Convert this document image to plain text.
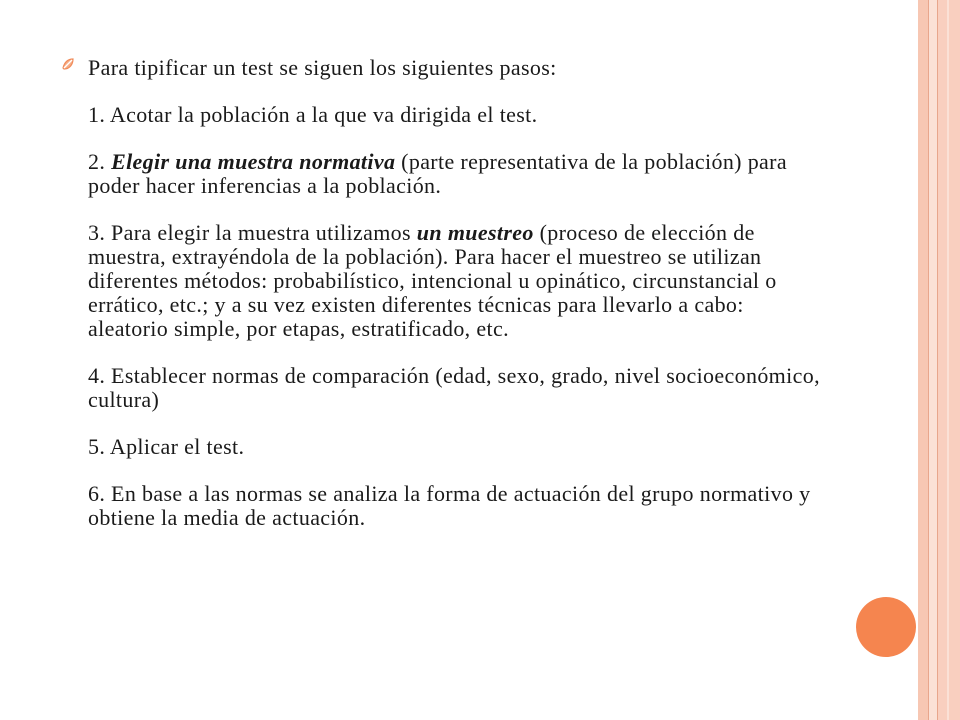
Para tipificar un test se siguen los siguientes pasos:

1. Acotar la población a la que va dirigida el test.

2. Elegir una muestra normativa (parte representativa de la población) para poder hacer inferencias a la población.

3. Para elegir la muestra utilizamos un muestreo (proceso de elección de muestra, extrayéndola de la población). Para hacer el muestreo se utilizan diferentes métodos: probabilístico, intencional u opinático, circunstancial o errático, etc.; y a su vez existen diferentes técnicas para llevarlo a cabo: aleatorio simple, por etapas, estratificado, etc.

4. Establecer normas de comparación (edad, sexo, grado, nivel socioeconómico, cultura)

5. Aplicar el test.

6. En base a las normas se analiza la forma de actuación del grupo normativo y obtiene la media de actuación.
